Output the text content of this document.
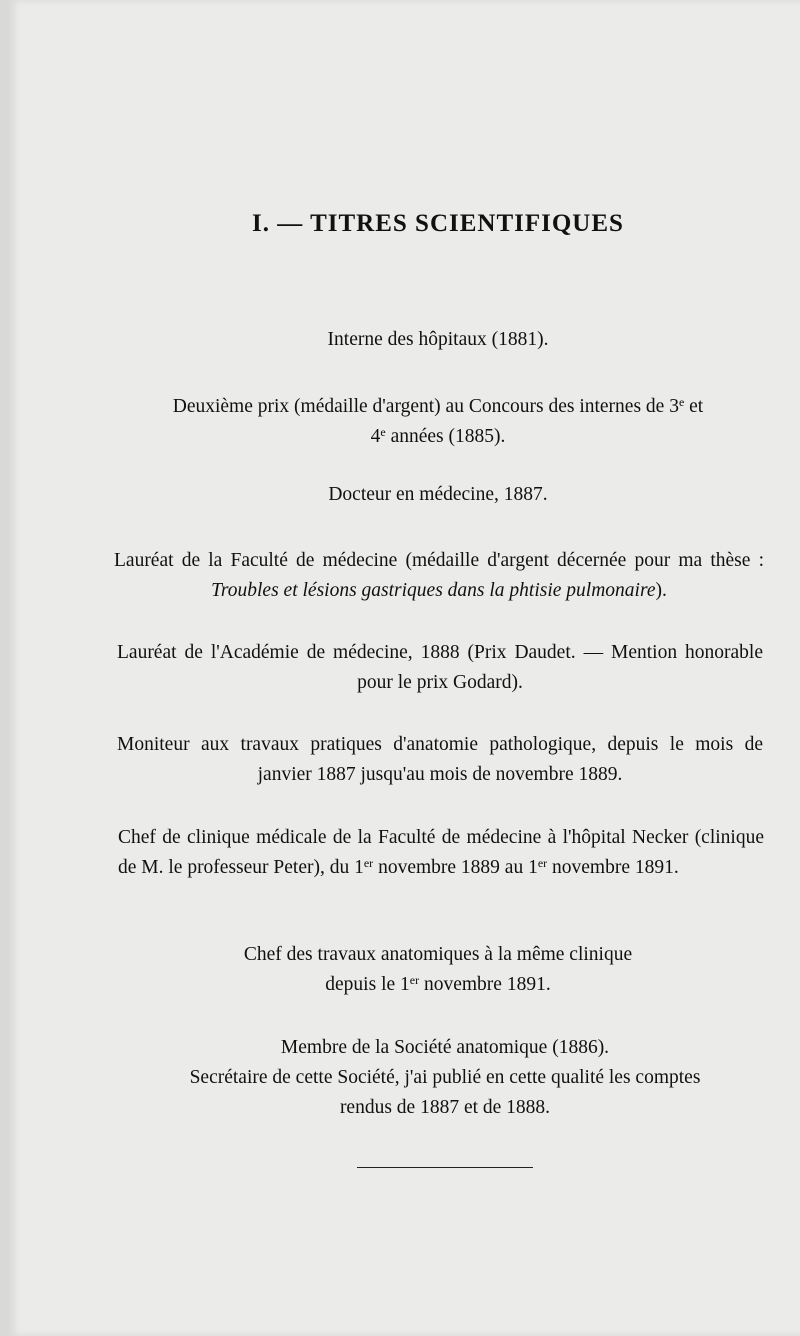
I. — TITRES SCIENTIFIQUES

Interne des hôpitaux (1881).

Deuxième prix (médaille d'argent) au Concours des internes de 3e et
4e années (1885).

Docteur en médecine, 1887.

Lauréat de la Faculté de médecine (médaille d'argent décernée pour ma thèse : Troubles et lésions gastriques dans la phtisie pulmonaire).

Lauréat de l'Académie de médecine, 1888 (Prix Daudet. — Mention honorable pour le prix Godard).

Moniteur aux travaux pratiques d'anatomie pathologique, depuis le mois de janvier 1887 jusqu'au mois de novembre 1889.

Chef de clinique médicale de la Faculté de médecine à l'hôpital Necker (clinique de M. le professeur Peter), du 1er novembre 1889 au 1er novembre 1891.

Chef des travaux anatomiques à la même clinique
depuis le 1er novembre 1891.

Membre de la Société anatomique (1886).
Secrétaire de cette Société, j'ai publié en cette qualité les comptes
rendus de 1887 et de 1888.
